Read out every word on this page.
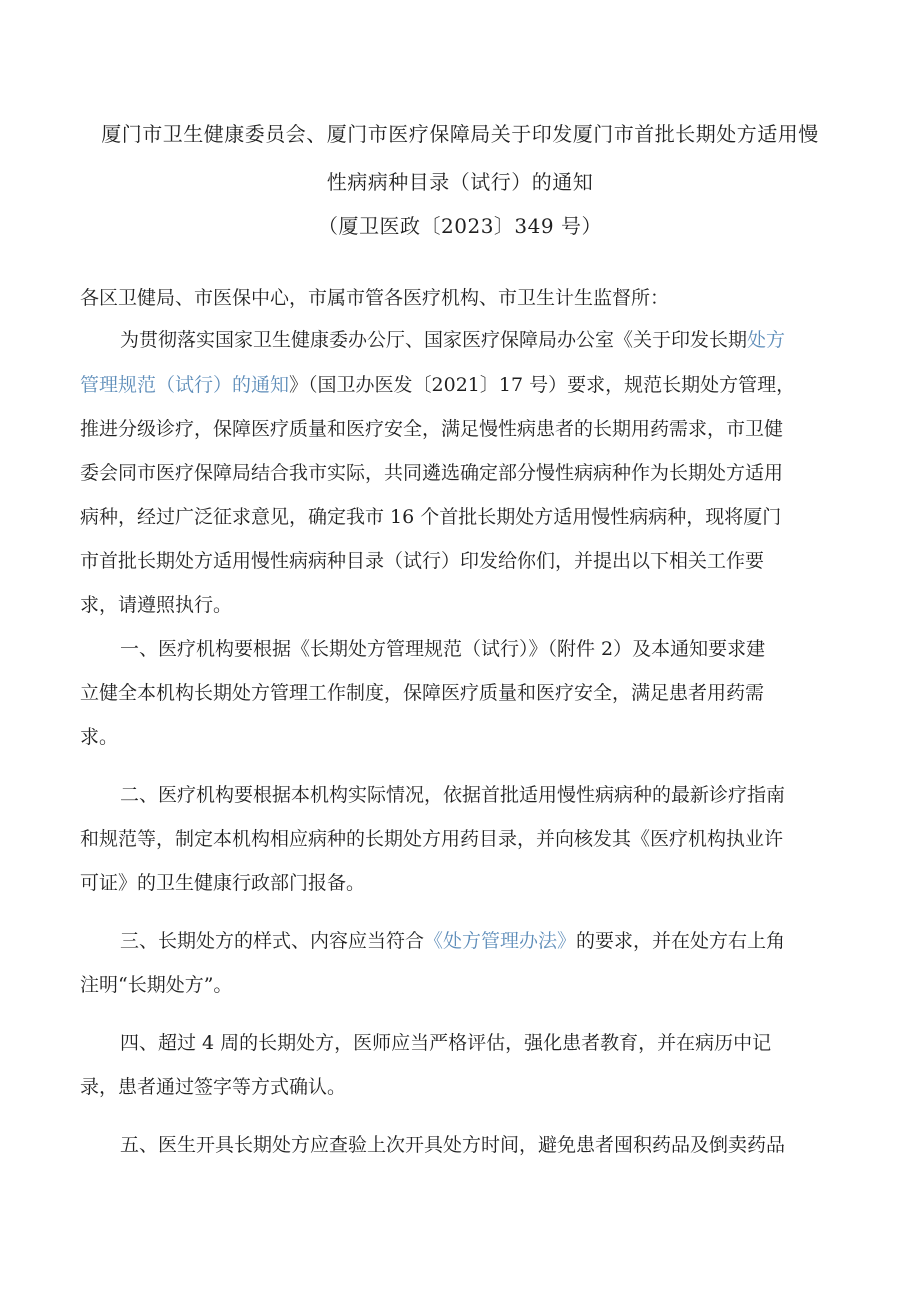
厦门市卫生健康委员会、厦门市医疗保障局关于印发厦门市首批长期处方适用慢
性病病种目录（试行）的通知
（厦卫医政〔2023〕349 号）
各区卫健局、市医保中心，市属市管各医疗机构、市卫生计生监督所：
为贯彻落实国家卫生健康委办公厅、国家医疗保障局办公室《关于印发长期处方
管理规范（试行）的通知》（国卫办医发〔2021〕17 号）要求，规范长期处方管理，
推进分级诊疗，保障医疗质量和医疗安全，满足慢性病患者的长期用药需求，市卫健
委会同市医疗保障局结合我市实际，共同遴选确定部分慢性病病种作为长期处方适用
病种，经过广泛征求意见，确定我市 16 个首批长期处方适用慢性病病种，现将厦门
市首批长期处方适用慢性病病种目录（试行）印发给你们，并提出以下相关工作要
求，请遵照执行。
一、医疗机构要根据《长期处方管理规范（试行）》（附件 2）及本通知要求建
立健全本机构长期处方管理工作制度，保障医疗质量和医疗安全，满足患者用药需
求。
二、医疗机构要根据本机构实际情况，依据首批适用慢性病病种的最新诊疗指南
和规范等，制定本机构相应病种的长期处方用药目录，并向核发其《医疗机构执业许
可证》的卫生健康行政部门报备。
三、长期处方的样式、内容应当符合《处方管理办法》的要求，并在处方右上角
注明“长期处方”。
四、超过 4 周的长期处方，医师应当严格评估，强化患者教育，并在病历中记
录，患者通过签字等方式确认。
五、医生开具长期处方应查验上次开具处方时间，避免患者囤积药品及倒卖药品
